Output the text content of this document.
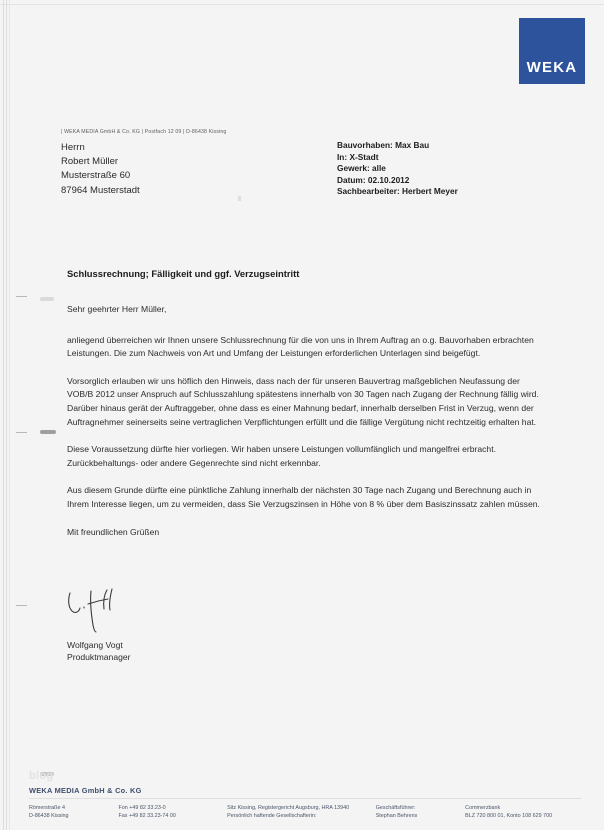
WEKA
| WEKA MEDIA GmbH & Co. KG | Postfach 12 09 | D-86438 Kissing
Herrn
Robert Müller
Musterstraße 60
87964 Musterstadt
Bauvorhaben: Max Bau
In: X-Stadt
Gewerk: alle
Datum: 02.10.2012
Sachbearbeiter: Herbert Meyer
Schlussrechnung; Fälligkeit und ggf. Verzugseintritt

Sehr geehrter Herr Müller,

anliegend überreichen wir Ihnen unsere Schlussrechnung für die von uns in Ihrem Auftrag an o.g. Bauvorhaben erbrachten Leistungen. Die zum Nachweis von Art und Umfang der Leistungen erforderlichen Unterlagen sind beigefügt.

Vorsorglich erlauben wir uns höflich den Hinweis, dass nach der für unseren Bauvertrag maßgeblichen Neufassung der VOB/B 2012 unser Anspruch auf Schlusszahlung spätestens innerhalb von 30 Tagen nach Zugang der Rechnung fällig wird. Darüber hinaus gerät der Auftraggeber, ohne dass es einer Mahnung bedarf, innerhalb derselben Frist in Verzug, wenn der Auftragnehmer seinerseits seine vertraglichen Verpflichtungen erfüllt und die fällige Vergütung nicht rechtzeitig erhalten hat.

Diese Voraussetzung dürfte hier vorliegen. Wir haben unsere Leistungen vollumfänglich und mangelfrei erbracht. Zurückbehaltungs- oder andere Gegenrechte sind nicht erkennbar.

Aus diesem Grunde dürfte eine pünktliche Zahlung innerhalb der nächsten 30 Tage nach Zugang und Berechnung auch in Ihrem Interesse liegen, um zu vermeiden, dass Sie Verzugszinsen in Höhe von 8 % über dem Basiszinssatz zahlen müssen.

Mit freundlichen Grüßen

Wolfgang Vogt
Produktmanager
blog
WEKA MEDIA GmbH & Co. KG
Römerstraße 4
D-86438 Kissing
Fon +49 82 33.23-0
Fax +49 82 33.23-74 00
Sitz Kissing, Registergericht Augsburg, HRA 13940
Persönlich haftende Gesellschafterin:
Geschäftsführer:
Stephan Behrens
Commerzbank
BLZ 720 800 01, Konto 108 629 700
